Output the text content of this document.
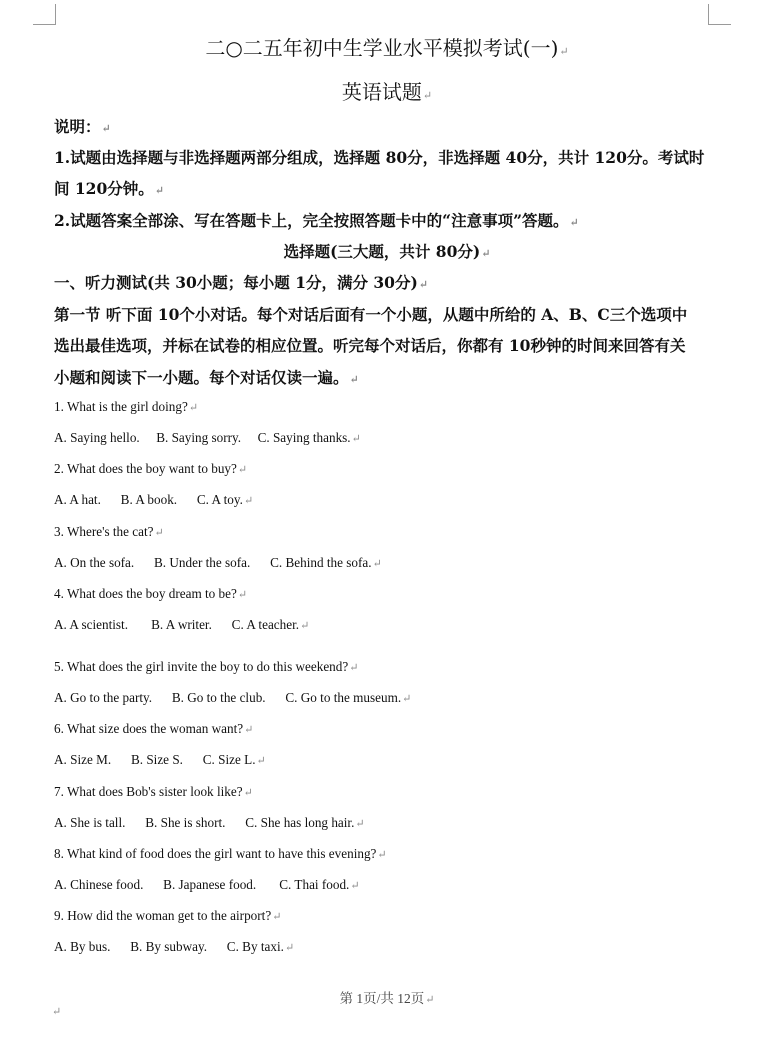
二○二五年初中生学业水平模拟考试(一)↵
英语试题↵
说明：↵
1.试题由选择题与非选择题两部分组成，选择题 80分，非选择题 40分，共计 120分。考试时
间 120分钟。↵
2.试题答案全部涂、写在答题卡上，完全按照答题卡中的“注意事项”答题。↵
选择题(三大题，共计 80分)↵
一、听力测试(共 30小题；每小题 1分，满分 30分)↵
第一节 听下面 10个小对话。每个对话后面有一个小题，从题中所给的 A、B、C三个选项中
选出最佳选项，并标在试卷的相应位置。听完每个对话后，你都有 10秒钟的时间来回答有关
小题和阅读下一小题。每个对话仅读一遍。↵
1. What is the girl doing?↵
A. Saying hello. B. Saying sorry. C. Saying thanks.↵
2. What does the boy want to buy?↵
A. A hat. B. A book. C. A toy.↵
3. Where's the cat?↵
A. On the sofa. B. Under the sofa. C. Behind the sofa.↵
4. What does the boy dream to be?↵
A. A scientist. B. A writer. C. A teacher.↵
5. What does the girl invite the boy to do this weekend?↵
A. Go to the party. B. Go to the club. C. Go to the museum.↵
6. What size does the woman want?↵
A. Size M. B. Size S. C. Size L.↵
7. What does Bob's sister look like?↵
A. She is tall. B. She is short. C. She has long hair.↵
8. What kind of food does the girl want to have this evening?↵
A. Chinese food. B. Japanese food. C. Thai food.↵
9. How did the woman get to the airport?↵
A. By bus. B. By subway. C. By taxi.↵
第 1页/共 12页↵
↵
